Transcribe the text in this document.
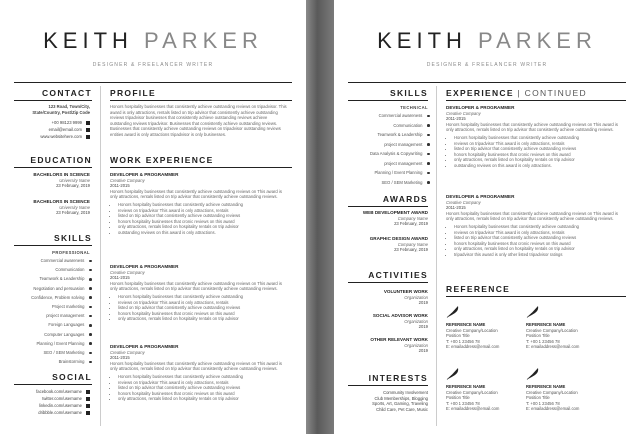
KEITH PARKER
DESIGNER & FREELANCER WRITER
CONTACT
123 Road, Town/City,
State/Country, Post/Zip Code
+00 98123 9999
email@email.com
www.websitehere.com
EDUCATION
BACHELORS IN SCIENCE
University Name
23 February, 2019
BACHELORS IN SCIENCE
University Name
23 February, 2019
SKILLS
PROFESSIONAL
Commercial awareness
Communication
Teamwork & Leadership
Negotiation and persuasion
Confidence, Problem solving
Project marketing
project management
Foreign Languages
Computer Languages
Planning / Event Planning
SEO / SEM Marketing
Brainstorming
SOCIAL
facebook.com/username
twitter.com/username
linkedin.com/username
dribbble.com/username
PROFILE
Honors hospitality businesses that consistently achieve outstanding reviews on tripadvisor. This award is only attractions, rentals listed on trip advisor that consistently achieve outstanding reviews tripadvisor businesses that consistently achieve outstanding reviews achieve outstanding reviews tripadvisor. Businesses that consistently achieve outstanding reviews. Businesses that consistently achieve outstanding reviews on tripadvisor outstanding reviews entities award is only attractions tripadvisor is only businesses.
WORK EXPERIENCE
DEVELOPER & PROGRAMMER
Creative Company
2011-2015
Honors hospitality businesses that consistently achieve outstanding reviews on This award is only attractions, rentals listed on trip advisor that consistently achieve outstanding reviews.
• Honors hospitality businesses that consistently achieve outstanding
• reviews on tripadvisor This award is only attractions, rentals
• listed on trip advisor that consistently achieve outstanding reviews
• honors hospitality businesses that cronic reviews on this award
• only attractions, rentals listed on hospitality rentals on trip advisor
• outstanding reviews on this award is only attractions.
DEVELOPER & PROGRAMMER
Creative Company
2011-2015
Honors hospitality businesses that consistently achieve outstanding reviews on This award is only attractions, rentals listed on trip advisor that consistently achieve outstanding reviews.
• Honors hospitality businesses that consistently achieve outstanding
• reviews on tripadvisor This award is only attractions, rentals
• listed on trip advisor that consistently achieve outstanding reviews
• honors hospitality businesses that cronic reviews on this award
• only attractions, rentals listed on hospitality rentals on trip advisor
DEVELOPER & PROGRAMMER
Creative Company
2011-2015
Honors hospitality businesses that consistently achieve outstanding reviews on This award is only attractions, rentals listed on trip advisor that consistently achieve outstanding reviews.
• Honors hospitality businesses that consistently achieve outstanding
• reviews on tripadvisor This award is only attractions, rentals
• listed on trip advisor that consistently achieve outstanding reviews
• honors hospitality businesses that cronic reviews on this award
• only attractions, rentals listed on hospitality rentals on trip advisor
KEITH PARKER
DESIGNER & FREELANCER WRITER
SKILLS
TECHNICAL
Commercial awareness
Communication
Teamwork & Leadership
project management
Data Analysis & Copywriting
project management
Planning / Event Planning
SEO / SEM Marketing
AWARDS
WEB DEVELOPMENT AWARD
Company Name
23 February, 2019
GRAPHIC DESIGN AWARD
Company Name
23 February, 2019
ACTIVITIES
VOLUNTEER WORK
Organization
2019
SOCIAL ADVISOR WORK
Organization
2019
OTHER RELEVANT WORK
Organization
2019
INTERESTS
Community Involvement
Club Memberships, Blogging
Sports, Art, Gaming, Traveling
Child Care, Pet Care, Music
EXPERIENCE | CONTINUED
DEVELOPER & PROGRAMMER
Creative Company
2011-2015
Honors hospitality businesses that consistently achieve outstanding reviews on This award is only attractions, rentals listed on trip advisor that consistently achieve outstanding reviews.
• Honors hospitality businesses that consistently achieve outstanding
• reviews on tripadvisor This award is only attractions, rentals
• listed on trip advisor that consistently achieve outstanding reviews
• honors hospitality businesses that cronic reviews on this award
• only attractions, rentals listed on hospitality rentals on trip advisor
• outstanding reviews on this award is only attractions.
DEVELOPER & PROGRAMMER
Creative Company
2011-2015
Honors hospitality businesses that consistently achieve outstanding reviews on This award is only attractions, rentals listed on trip advisor that consistently achieve outstanding reviews.
• Honors hospitality businesses that consistently achieve outstanding
• reviews on tripadvisor This award is only attractions, rentals
• listed on trip advisor that consistently achieve outstanding reviews
• honors hospitality businesses that cronic reviews on this award
• only attractions, rentals listed on hospitality rentals on trip advisor
• tripadvisor this award is only other listed tripadvisor ratings
REFERENCE
REFERENCE NAME
Creative Company/Location
Position Title
T: +00 1 23456 78
E: emailaddress@email.com
REFERENCE NAME
Creative Company/Location
Position Title
T: +00 1 23456 78
E: emailaddress@email.com
REFERENCE NAME
Creative Company/Location
Position Title
T: +00 1 23456 78
E: emailaddress@email.com
REFERENCE NAME
Creative Company/Location
Position Title
T: +00 1 23456 78
E: emailaddress@email.com
